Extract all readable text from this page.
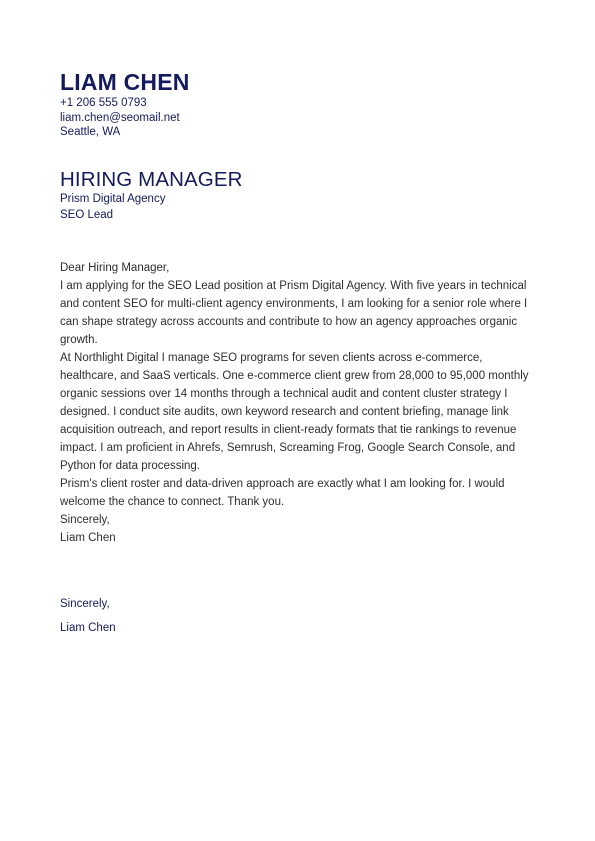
LIAM CHEN
+1 206 555 0793
liam.chen@seomail.net
Seattle, WA
HIRING MANAGER
Prism Digital Agency
SEO Lead

Dear Hiring Manager,

I am applying for the SEO Lead position at Prism Digital Agency. With five years in technical and content SEO for multi-client agency environments, I am looking for a senior role where I can shape strategy across accounts and contribute to how an agency approaches organic growth.

At Northlight Digital I manage SEO programs for seven clients across e-commerce, healthcare, and SaaS verticals. One e-commerce client grew from 28,000 to 95,000 monthly organic sessions over 14 months through a technical audit and content cluster strategy I designed. I conduct site audits, own keyword research and content briefing, manage link acquisition outreach, and report results in client-ready formats that tie rankings to revenue impact. I am proficient in Ahrefs, Semrush, Screaming Frog, Google Search Console, and Python for data processing.

Prism's client roster and data-driven approach are exactly what I am looking for. I would welcome the chance to connect. Thank you.

Sincerely,

Liam Chen

Sincerely,
Liam Chen
